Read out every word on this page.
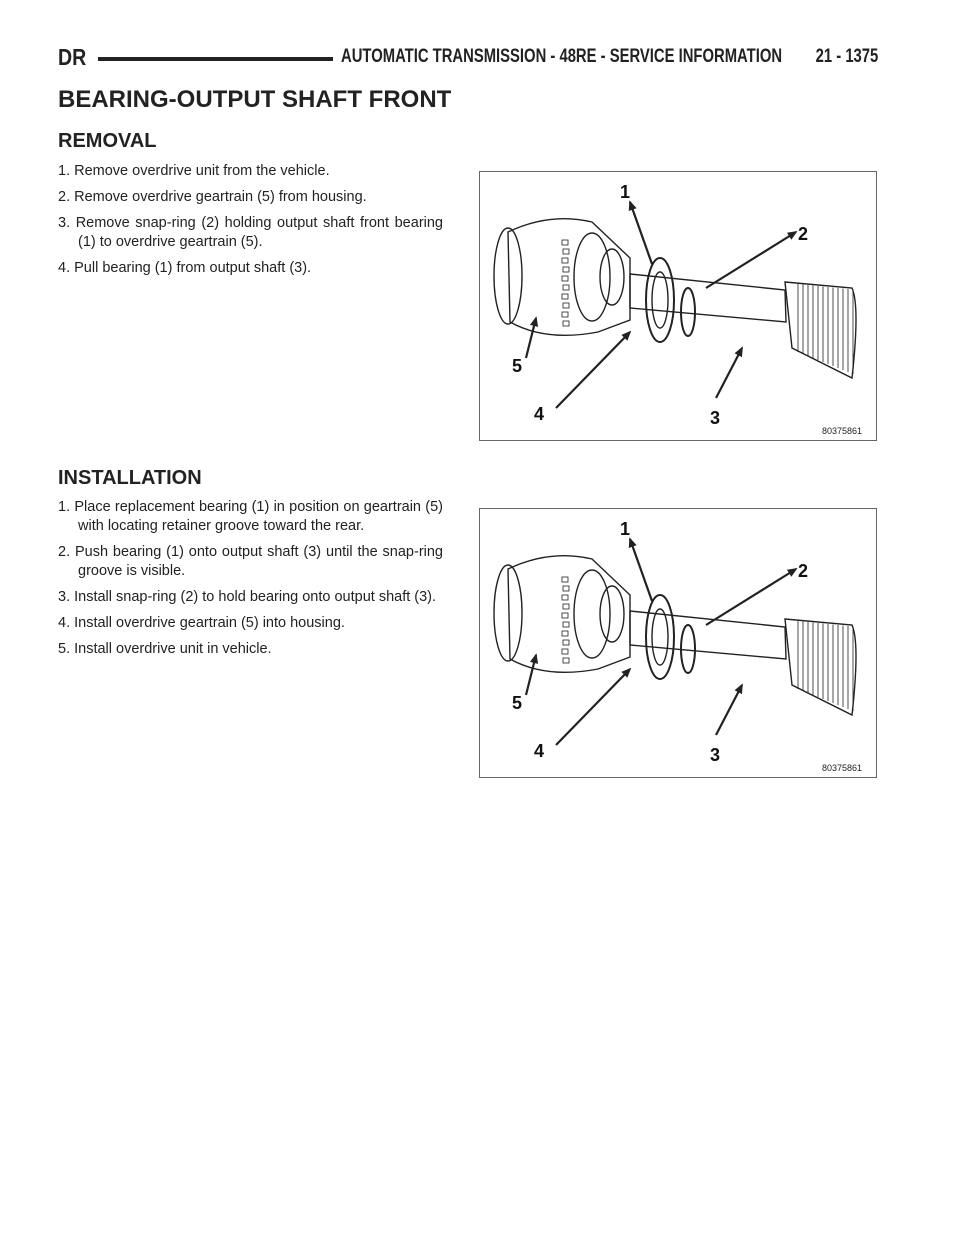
DR	AUTOMATIC TRANSMISSION - 48RE - SERVICE INFORMATION 21 - 1375
BEARING-OUTPUT SHAFT FRONT
REMOVAL
1. Remove overdrive unit from the vehicle.
2. Remove overdrive geartrain (5) from housing.
3. Remove snap-ring (2) holding output shaft front bearing (1) to overdrive geartrain (5).
4. Pull bearing (1) from output shaft (3).
1
2
3
4
5
80375861
INSTALLATION
1. Place replacement bearing (1) in position on geartrain (5) with locating retainer groove toward the rear.
2. Push bearing (1) onto output shaft (3) until the snap-ring groove is visible.
3. Install snap-ring (2) to hold bearing onto output shaft (3).
4. Install overdrive geartrain (5) into housing.
5. Install overdrive unit in vehicle.
1
2
3
4
5
80375861
